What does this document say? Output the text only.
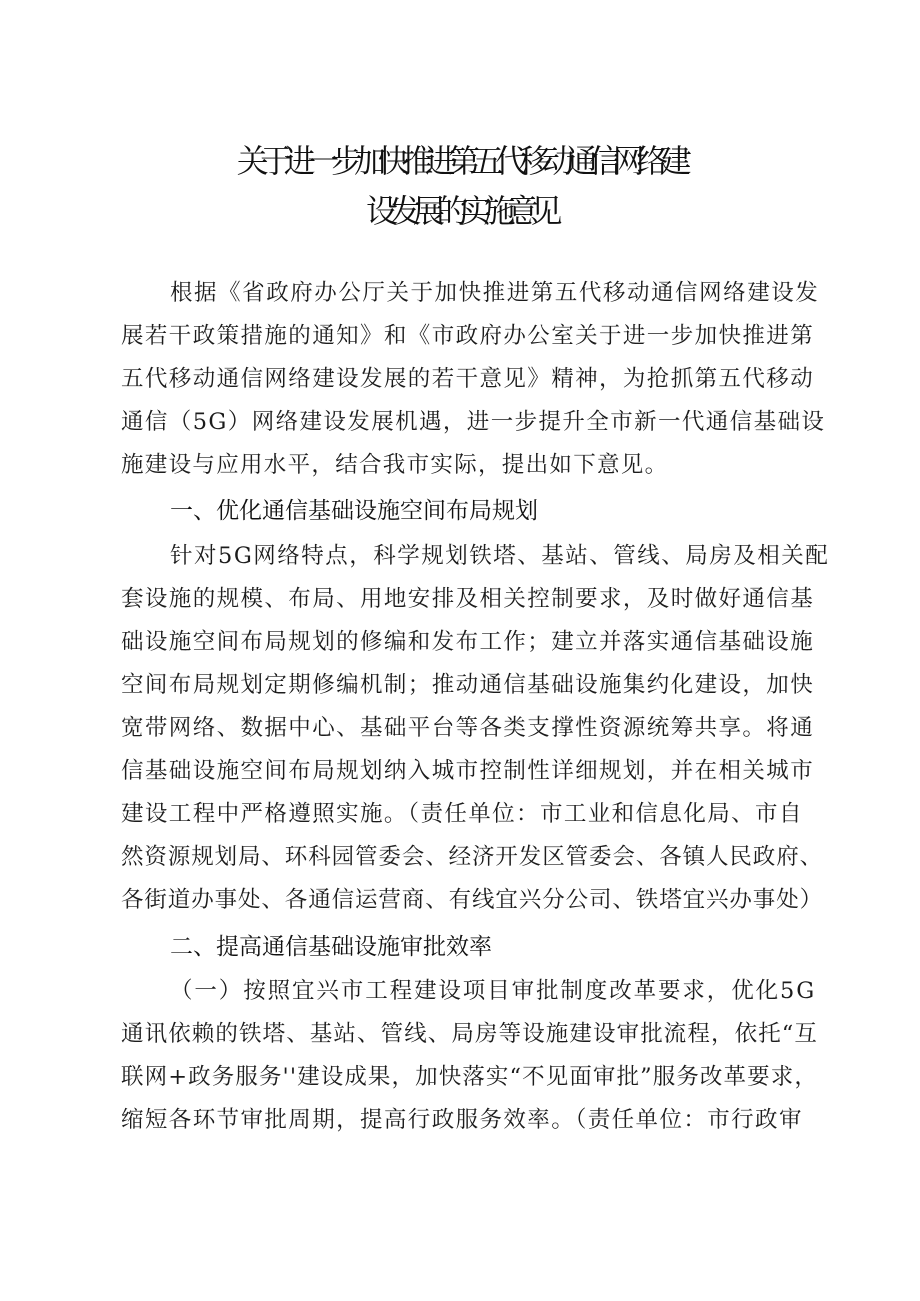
关于进一步加快推进第五代移动通信网络建
设发展的实施意见

根据《省政府办公厅关于加快推进第五代移动通信网络建设发

展若干政策措施的通知》和《市政府办公室关于进一步加快推进第

五代移动通信网络建设发展的若干意见》精神，为抢抓第五代移动

通信（5G）网络建设发展机遇，进一步提升全市新一代通信基础设

施建设与应用水平，结合我市实际，提出如下意见。

一、优化通信基础设施空间布局规划

针对5G网络特点，科学规划铁塔、基站、管线、局房及相关配

套设施的规模、布局、用地安排及相关控制要求，及时做好通信基

础设施空间布局规划的修编和发布工作；建立并落实通信基础设施

空间布局规划定期修编机制；推动通信基础设施集约化建设，加快

宽带网络、数据中心、基础平台等各类支撑性资源统筹共享。将通

信基础设施空间布局规划纳入城市控制性详细规划，并在相关城市

建设工程中严格遵照实施。（责任单位：市工业和信息化局、市自

然资源规划局、环科园管委会、经济开发区管委会、各镇人民政府、

各街道办事处、各通信运营商、有线宜兴分公司、铁塔宜兴办事处）

二、提高通信基础设施审批效率

（一）按照宜兴市工程建设项目审批制度改革要求，优化5G

通讯依赖的铁塔、基站、管线、局房等设施建设审批流程，依托“互

联网+政务服务''建设成果，加快落实“不见面审批”服务改革要求，

缩短各环节审批周期，提高行政服务效率。（责任单位：市行政审
